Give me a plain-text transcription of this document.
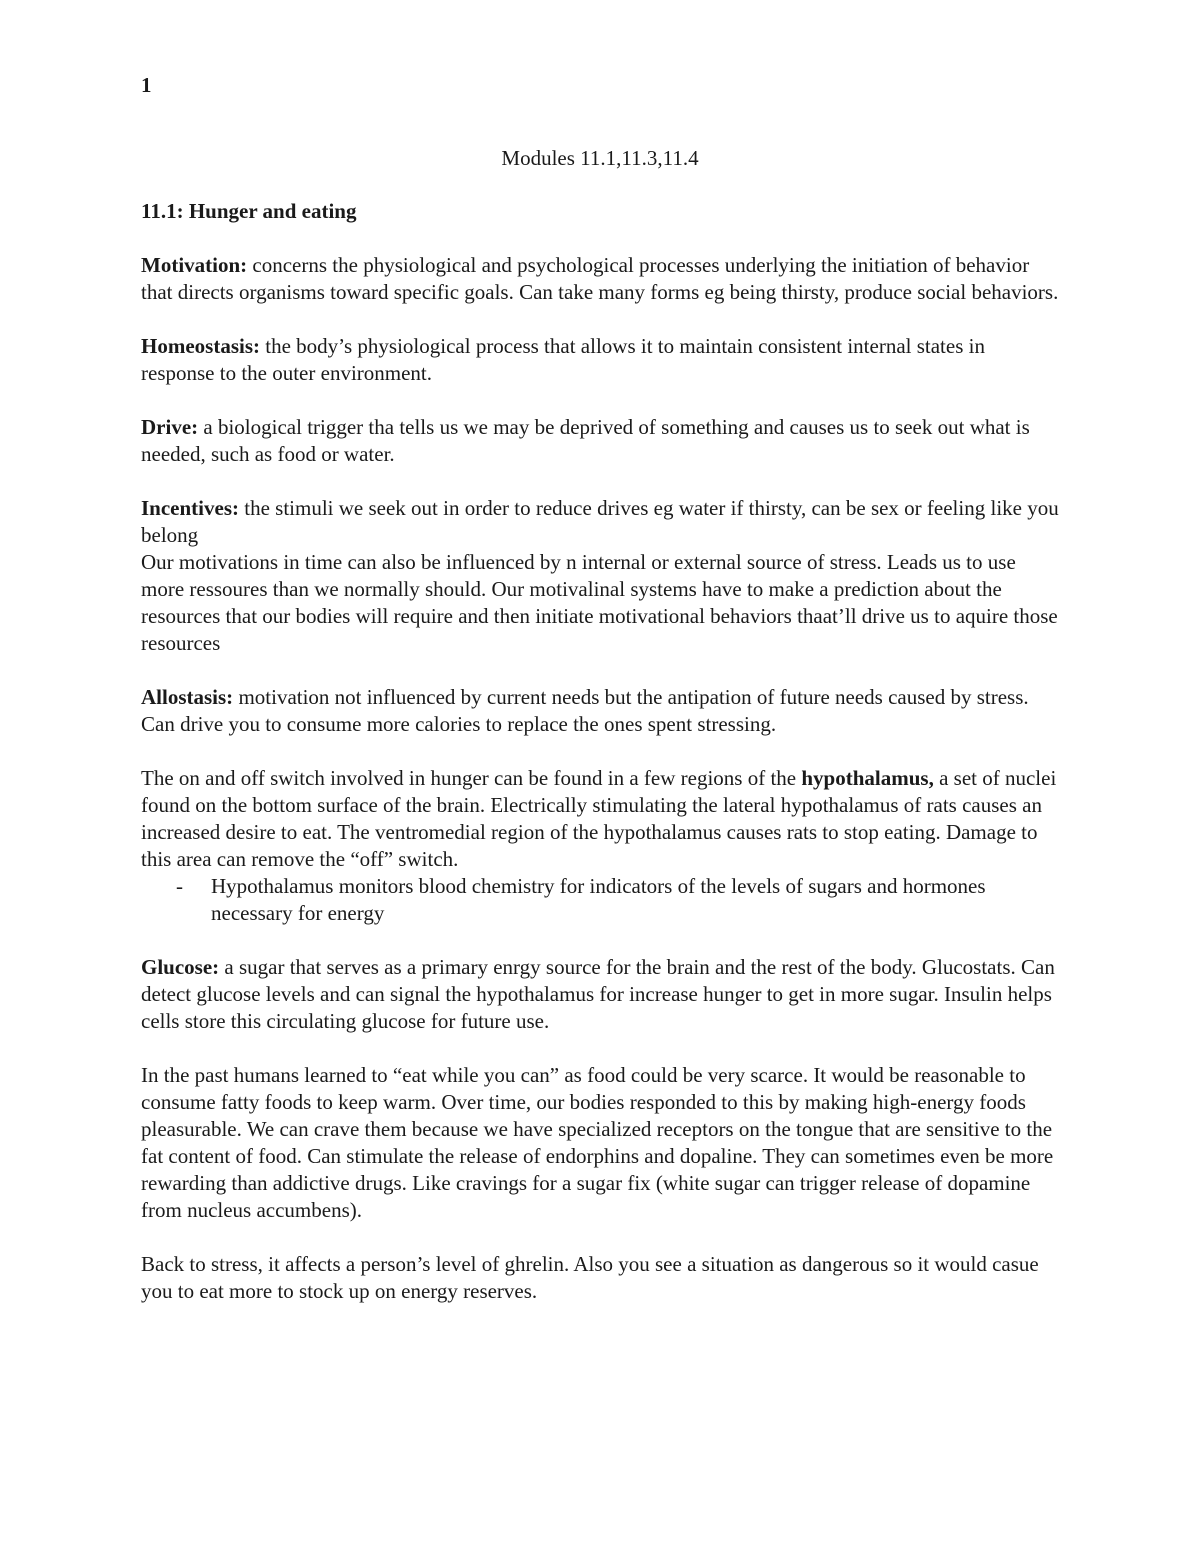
1
Modules 11.1,11.3,11.4
11.1: Hunger and eating

Motivation: concerns the physiological and psychological processes underlying the initiation of behavior that directs organisms toward specific goals. Can take many forms eg being thirsty, produce social behaviors.

Homeostasis: the body’s physiological process that allows it to maintain consistent internal states in response to the outer environment.

Drive: a biological trigger tha tells us we may be deprived of something and causes us to seek out what is needed, such as food or water.

Incentives: the stimuli we seek out in order to reduce drives eg water if thirsty, can be sex or feeling like you belong

Our motivations in time can also be influenced by n internal or external source of stress. Leads us to use more ressoures than we normally should. Our motivalinal systems have to make a prediction about the resources that our bodies will require and then initiate motivational behaviors thaat’ll drive us to aquire those resources

Allostasis: motivation not influenced by current needs but the antipation of future needs caused by stress. Can drive you to consume more calories to replace the ones spent stressing.

The on and off switch involved in hunger can be found in a few regions of the hypothalamus, a set of nuclei found on the bottom surface of the brain. Electrically stimulating the lateral hypothalamus of rats causes an increased desire to eat. The ventromedial region of the hypothalamus causes rats to stop eating. Damage to this area can remove the “off” switch.

-	Hypothalamus monitors blood chemistry for indicators of the levels of sugars and hormones necessary for energy

Glucose: a sugar that serves as a primary enrgy source for the brain and the rest of the body. Glucostats. Can detect glucose levels and can signal the hypothalamus for increase hunger to get in more sugar. Insulin helps cells store this circulating glucose for future use.

In the past humans learned to “eat while you can” as food could be very scarce. It would be reasonable to consume fatty foods to keep warm. Over time, our bodies responded to this by making high-energy foods pleasurable. We can crave them because we have specialized receptors on the tongue that are sensitive to the fat content of food. Can stimulate the release of endorphins and dopaline. They can sometimes even be more rewarding than addictive drugs. Like cravings for a sugar fix (white sugar can trigger release of dopamine from nucleus accumbens).

Back to stress, it affects a person’s level of ghrelin. Also you see a situation as dangerous so it would casue you to eat more to stock up on energy reserves.
